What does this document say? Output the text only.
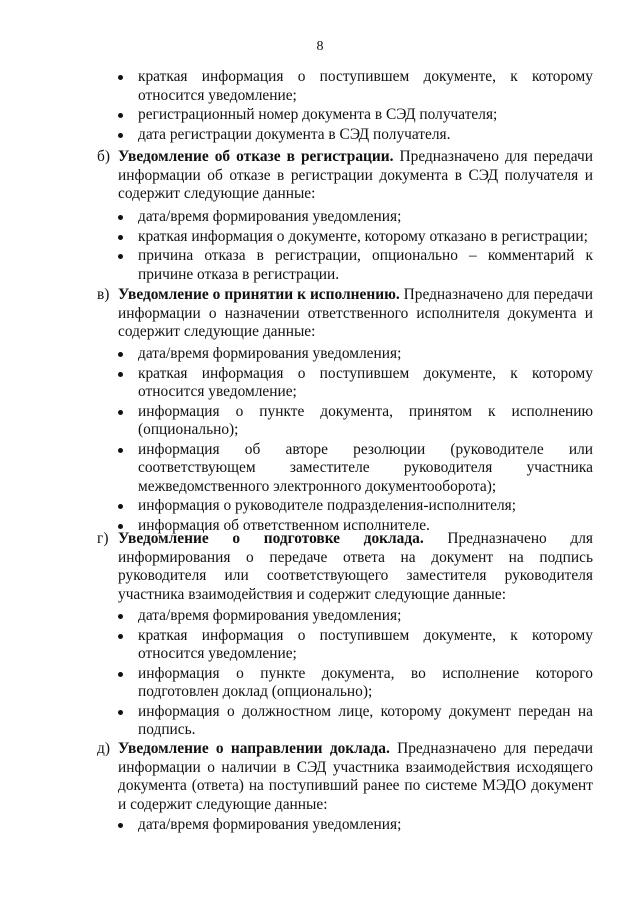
8
краткая информация о поступившем документе, к которому относится уведомление;
регистрационный номер документа в СЭД получателя;
дата регистрации документа в СЭД получателя.
б) Уведомление об отказе в регистрации. Предназначено для передачи информации об отказе в регистрации документа в СЭД получателя и содержит следующие данные:
дата/время формирования уведомления;
краткая информация о документе, которому отказано в регистрации;
причина отказа в регистрации, опционально – комментарий к причине отказа в регистрации.
в) Уведомление о принятии к исполнению. Предназначено для передачи информации о назначении ответственного исполнителя документа и содержит следующие данные:
дата/время формирования уведомления;
краткая информация о поступившем документе, к которому относится уведомление;
информация о пункте документа, принятом к исполнению (опционально);
информация об авторе резолюции (руководителе или соответствующем заместителе руководителя участника межведомственного электронного документооборота);
информация о руководителе подразделения-исполнителя;
информация об ответственном исполнителе.
г) Уведомление о подготовке доклада. Предназначено для информирования о передаче ответа на документ на подпись руководителя или соответствующего заместителя руководителя участника взаимодействия и содержит следующие данные:
дата/время формирования уведомления;
краткая информация о поступившем документе, к которому относится уведомление;
информация о пункте документа, во исполнение которого подготовлен доклад (опционально);
информация о должностном лице, которому документ передан на подпись.
д) Уведомление о направлении доклада. Предназначено для передачи информации о наличии в СЭД участника взаимодействия исходящего документа (ответа) на поступивший ранее по системе МЭДО документ и содержит следующие данные:
дата/время формирования уведомления;
